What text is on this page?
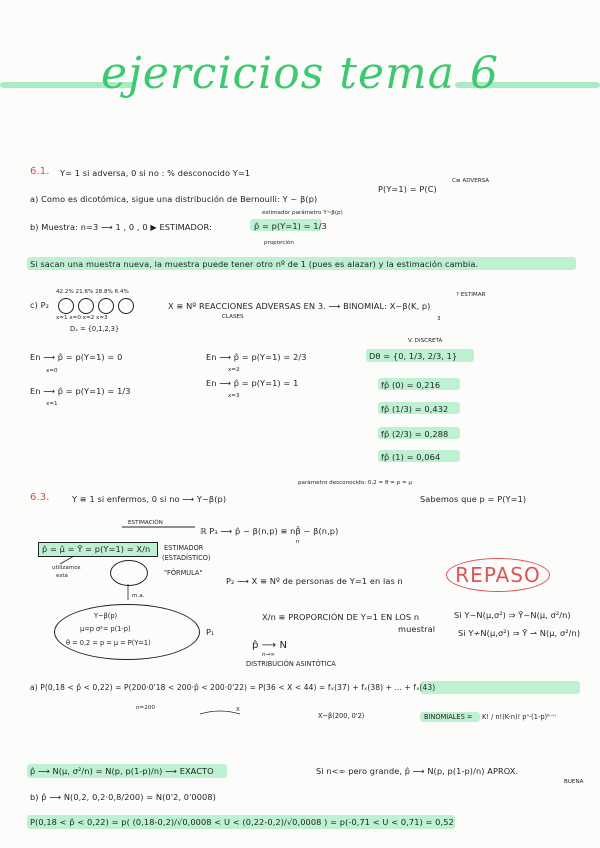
ejercicios tema 6
6.1. Y= 1 si adversa, 0 si no : % desconocido Y=1
C≡ ADVERSA
P(Y=1) = P(C)
a) Como es dicotómica, sigue una distribución de Bernoulli: Y ~ β(p)
estimador parámetro Y~β(p)
b) Muestra: n=3 ⟶ 1 , 0 , 0 ▶ ESTIMADOR:	p̂ = p(Y=1) = 1/3
proporción
Si sacan una muestra nueva, la muestra puede tener otro nº de 1 (pues es alazar) y la estimación cambia.
42.2% 21.6% 28.8% 6.4%
c) P₂
x=1 x=0 x=2 x=3
Dₓ = {0,1,2,3}
? ESTIMAR
X ≡ Nº REACCIONES ADVERSAS EN 3. ⟶ BINOMIAL: X~β(K, p)
CLASES	3
V. DISCRETA
En ⟶ p̂ = p(Y=1) = 0
x=0
En ⟶ p̂ = p(Y=1) = 1/3
x=1
En ⟶ p̂ = p(Y=1) = 2/3
x=2
En ⟶ p̂ = p(Y=1) = 1
x=3
Dθ = {0, 1/3, 2/3, 1}
fp̂ (0) = 0,216
fp̂ (1/3) = 0,432
fp̂ (2/3) = 0,288
fp̂ (1) = 0,064
parámetro desconocido: 0,2 = θ = p = μ
6.3.	Y ≡ 1 si enfermos, 0 si no ⟶ Y~β(p)	Sabemos que p = P(Y=1)
ESTIMACIÓN
ℝ P₃ ⟶ p̂ ~ β(n,p) ≡ nβ̂ ~ β(n,p)
n
p̂ = μ̂ = Ȳ = p(Y=1) = X/n ESTIMADOR
(ESTADÍSTICO)
"FÓRMULA"
utilizamos
esta
m.a.
P₂ ⟶ X ≡ Nº de personas de Y=1 en las n	REPASO
Y~β(p)
μ=p σ²= p(1-p)
θ = 0,2 = p = μ = P(Y=1)
P₁
X/n ≡ PROPORCIÓN DE Y=1 EN LOS n
muestral
Si Y~N(μ,σ²) ⇒ Ȳ~N(μ, σ²/n)
Si Y≁N(μ,σ²) ⇒ Ȳ ⇀ N(μ, σ²/n)
p̂ ⟶ N
n→∞
DISTRIBUCIÓN ASINTÓTICA
a) P(0,18 < p̂ < 0,22) = P(200·0'18 < 200·p̂ < 200·0'22) = P(36 < X < 44) = fₓ(37) + fₓ(38) + ... + fₓ(43)
n=200	X
X~β(200, 0'2)	BINOMIALES = K! / n!(K-n)! pⁿ·(1-p)ᴷ⁻ⁿ
p̂ ⟶ N(μ, σ²/n) = N(p, p(1-p)/n) ⟶ EXACTO	Si n<∞ pero grande, p̂ ⟶ N(p, p(1-p)/n) APROX.
BUENA
b) p̂ ⟶ N(0,2, 0,2·0,8/200) = N(0'2, 0'0008)
P(0,18 < p̂ < 0,22) = p( (0,18-0,2)/√0,0008 < U < (0,22-0,2)/√0,0008 ) = p(-0,71 < U < 0,71) = 0,52
